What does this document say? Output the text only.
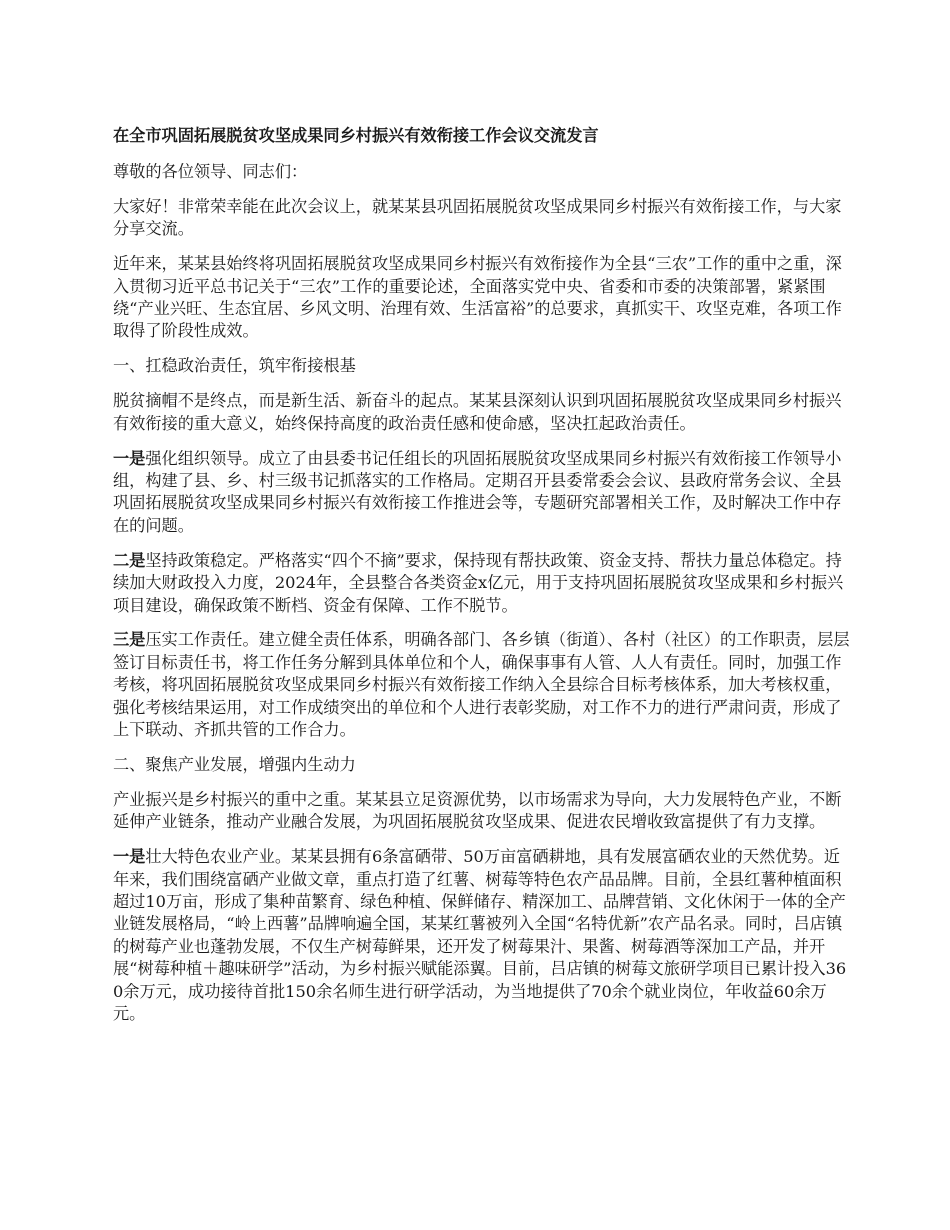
在全市巩固拓展脱贫攻坚成果同乡村振兴有效衔接工作会议交流发言

尊敬的各位领导、同志们：

大家好！非常荣幸能在此次会议上，就某某县巩固拓展脱贫攻坚成果同乡村振兴有效衔接工作，与大家分享交流。

近年来，某某县始终将巩固拓展脱贫攻坚成果同乡村振兴有效衔接作为全县“三农”工作的重中之重，深入贯彻习近平总书记关于“三农”工作的重要论述，全面落实党中央、省委和市委的决策部署，紧紧围绕“产业兴旺、生态宜居、乡风文明、治理有效、生活富裕”的总要求，真抓实干、攻坚克难，各项工作取得了阶段性成效。

一、扛稳政治责任，筑牢衔接根基

脱贫摘帽不是终点，而是新生活、新奋斗的起点。某某县深刻认识到巩固拓展脱贫攻坚成果同乡村振兴有效衔接的重大意义，始终保持高度的政治责任感和使命感，坚决扛起政治责任。

一是强化组织领导。成立了由县委书记任组长的巩固拓展脱贫攻坚成果同乡村振兴有效衔接工作领导小组，构建了县、乡、村三级书记抓落实的工作格局。定期召开县委常委会会议、县政府常务会议、全县巩固拓展脱贫攻坚成果同乡村振兴有效衔接工作推进会等，专题研究部署相关工作，及时解决工作中存在的问题。

二是坚持政策稳定。严格落实“四个不摘”要求，保持现有帮扶政策、资金支持、帮扶力量总体稳定。持续加大财政投入力度，2024年，全县整合各类资金x亿元，用于支持巩固拓展脱贫攻坚成果和乡村振兴项目建设，确保政策不断档、资金有保障、工作不脱节。

三是压实工作责任。建立健全责任体系，明确各部门、各乡镇（街道）、各村（社区）的工作职责，层层签订目标责任书，将工作任务分解到具体单位和个人，确保事事有人管、人人有责任。同时，加强工作考核，将巩固拓展脱贫攻坚成果同乡村振兴有效衔接工作纳入全县综合目标考核体系，加大考核权重，强化考核结果运用，对工作成绩突出的单位和个人进行表彰奖励，对工作不力的进行严肃问责，形成了上下联动、齐抓共管的工作合力。

二、聚焦产业发展，增强内生动力

产业振兴是乡村振兴的重中之重。某某县立足资源优势，以市场需求为导向，大力发展特色产业，不断延伸产业链条，推动产业融合发展，为巩固拓展脱贫攻坚成果、促进农民增收致富提供了有力支撑。

一是壮大特色农业产业。某某县拥有6条富硒带、50万亩富硒耕地，具有发展富硒农业的天然优势。近年来，我们围绕富硒产业做文章，重点打造了红薯、树莓等特色农产品品牌。目前，全县红薯种植面积超过10万亩，形成了集种苗繁育、绿色种植、保鲜储存、精深加工、品牌营销、文化休闲于一体的全产业链发展格局，“岭上西薯”品牌响遍全国，某某红薯被列入全国“名特优新”农产品名录。同时，吕店镇的树莓产业也蓬勃发展，不仅生产树莓鲜果，还开发了树莓果汁、果酱、树莓酒等深加工产品，并开展“树莓种植＋趣味研学”活动，为乡村振兴赋能添翼。目前，吕店镇的树莓文旅研学项目已累计投入360余万元，成功接待首批150余名师生进行研学活动，为当地提供了70余个就业岗位，年收益60余万元。
